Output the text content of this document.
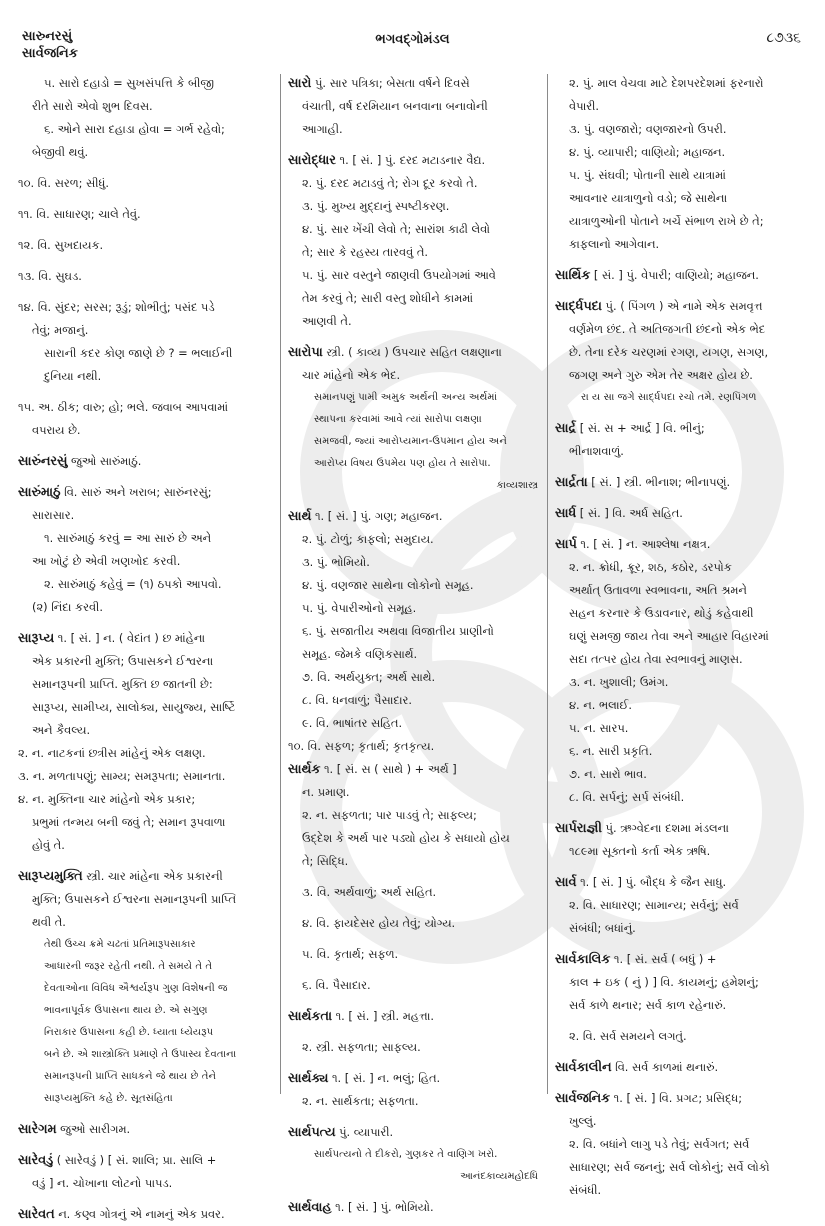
સારુનરસું
સાર્વજનિક
ભગવદ્ગોમંડલ	૮૭૩૬
૫. સારો દહાડો = સુખસંપત્તિ કે બીજી
રીતે સારો એવો શુભ દિવસ.
૬. ઓને સારા દહાડા હોવા = ગર્ભ રહેવો;
બેજીવી થવું.
૧૦. વિ. સરળ; સીધું.
૧૧. વિ. સાધારણ; ચાલે તેવું.
૧૨. વિ. સુખદાયક.
૧૩. વિ. સુઘડ.
૧૪. વિ. સુંદર; સરસ; રૂડું; શોભીતું; પસંદ પડે
તેવું; મજાનું.
સારાની કદર કોણ જાણે છે ? = ભલાઈની
દુનિયા નથી.
૧૫. અ. ઠીક; વારુ; હો; ભલે. જવાબ આપવામાં
વપરાય છે.
સારુંનરસું જુઓ સારુંમાઠું.
સારુંમાઠું વિ. સારું અને ખરાબ; સારુંનરસું;
સારાસાર.
૧. સારુંમાઠું કરવું = આ સારું છે અને
આ ખોટું છે એવી ખણખોદ કરવી.
૨. સારુંમાઠું કહેવું = (૧) ઠપકો આપવો.
(૨) નિંદા કરવી.
સારૂપ્ય ૧. [ સં. ] ન. ( વેદાંત ) છ માંહેના
એક પ્રકારની મુક્તિ; ઉપાસકને ઈશ્વરના
સમાનરૂપની પ્રાપ્તિ. મુક્તિ છ જાતની છે:
સારૂપ્ય, સામીપ્ય, સાલોક્ય, સાયુજ્ય, સાર્ષ્ટિ
અને કૈવલ્ય.
૨. ન. નાટકનાં છત્રીસ માંહેનું એક લક્ષણ.
૩. ન. મળતાપણું; સામ્ય; સમરૂપતા; સમાનતા.
૪. ન. મુક્તિના ચાર માંહેનો એક પ્રકાર;
પ્રભુમાં તન્મય બની જવું તે; સમાન રૂપવાળા
હોવું તે.
સારૂપ્યમુક્તિ સ્ત્રી. ચાર માંહેના એક પ્રકારની
મુક્તિ; ઉપાસકને ઈશ્વરના સમાનરૂપની પ્રાપ્તિ
થવી તે.
તેથી ઉચ્ચ ક્રમે ચઢતાં પ્રતિમારૂપસાકાર
આધારની જરૂર રહેતી નથી. તે સમયે તે તે
દેવતાઓના વિવિધ ઐશ્વર્યરૂપ ગુણ વિશેષની જ
ભાવનાપૂર્વક ઉપાસના થાય છે. એ સગુણ
નિરાકાર ઉપાસના કહી છે. ધ્યાતા ધ્યેયરૂપ
બને છે. એ શાસ્ત્રોક્તિ પ્રમાણે તે ઉપાસ્ય દેવતાના
સમાનરૂપની પ્રાપ્તિ સાધકને જે થાય છે તેને
સારૂપ્યમુક્તિ કહે છે. સૂતસંહિતા
સારેગમ જુઓ સારીગમ.
સારેવડું ( સારેવડું ) [ સં. શાલિ; પ્રા. સાલિ +
વડું ] ન. ચોખાના લોટનો પાપડ.
સારેવત ન. કણ્વ ગોત્રનું એ નામનું એક પ્રવર.
સારો પું. સાર પત્રિકા; બેસતા વર્ષને દિવસે
વંચાતી, વર્ષ દરમિયાન બનવાના બનાવોની
આગાહી.
સારોદ્ધાર ૧. [ સં. ] પું. દરદ મટાડનાર વૈદ્ય.
૨. પું. દરદ મટાડવું તે; રોગ દૂર કરવો તે.
૩. પું. મુખ્ય મુદ્દાનું સ્પષ્ટીકરણ.
૪. પું. સાર ખેંચી લેવો તે; સારાંશ કાઢી લેવો
તે; સાર કે રહસ્ય તારવવું તે.
૫. પું. સાર વસ્તુને જાણવી ઉપયોગમાં આવે
તેમ કરવું તે; સારી વસ્તુ શોધીને કામમાં
આણવી તે.
સારોપા સ્ત્રી. ( કાવ્ય ) ઉપચાર સહિત લક્ષણાના
ચાર માંહેનો એક ભેદ.
સમાનપણું પામી અમુક અર્થની અન્ય અર્થમાં
સ્થાપના કરવામાં આવે ત્યાં સારોપા લક્ષણા
સમજવી, જ્યાં આરોપ્યમાન-ઉપમાન હોય અને
આરોપ્ય વિષય ઉપમેય પણ હોય તે સારોપા.
કાવ્યશાસ્ત્ર
સાર્થ ૧. [ સં. ] પું. ગણ; મહાજન.
૨. પું. ટોળું; કાફલો; સમુદાય.
૩. પું. ભોમિયો.
૪. પું. વણજાર સાથેના લોકોનો સમૂહ.
૫. પું. વેપારીઓનો સમૂહ.
૬. પું. સજાતીય અથવા વિજાતીય પ્રાણીનો
સમૂહ. જેમકે વણિકસાર્થ.
૭. વિ. અર્થયુક્ત; અર્થ સાથે.
૮. વિ. ધનવાળું; પૈસાદાર.
૯. વિ. ભાષાંતર સહિત.
૧૦. વિ. સફળ; કૃતાર્થ; કૃતકૃત્ય.
સાર્થક ૧. [ સં. સ ( સાથે ) + અર્થ ]
ન. પ્રમાણ.
૨. ન. સફળતા; પાર પાડવું તે; સાફલ્ય;
ઉદ્દેશ કે અર્થ પાર પડ્યો હોય કે સધાયો હોય
તે; સિદ્ધિ.
૩. વિ. અર્થવાળું; અર્થ સહિત.
૪. વિ. ફાયદેસર હોય તેવું; યોગ્ય.
૫. વિ. કૃતાર્થ; સફળ.
૬. વિ. પૈસાદાર.
સાર્થકતા ૧. [ સં. ] સ્ત્રી. મહત્તા.
૨. સ્ત્રી. સફળતા; સાફલ્ય.
સાર્થક્ય ૧. [ સં. ] ન. ભલું; હિત.
૨. ન. સાર્થકતા; સફળતા.
સાર્થપત્ય પું. વ્યાપારી.
સાર્થપત્યનો તે દીકરો, ગુણકર તે વાણિગ ખરો.
આનંદકાવ્યમહોદધિ
સાર્થવાહ ૧. [ સં. ] પું. ભોમિયો.
૨. પું. માલ વેચવા માટે દેશપરદેશમાં ફરનારો
વેપારી.
૩. પું. વણજારો; વણજારનો ઉપરી.
૪. પું. વ્યાપારી; વાણિયો; મહાજન.
૫. પું. સંઘવી; પોતાની સાથે યાત્રામાં
આવનાર યાત્રાળુનો વડો; જે સાથેના
યાત્રાળુઓની પોતાને ખર્ચે સંભાળ રાખે છે તે;
કાફલાનો આગેવાન.
સાર્થિક [ સં. ] પું. વેપારી; વાણિયો; મહાજન.
સાર્દ્ધપદા પું. ( પિંગળ ) એ નામે એક સમવૃત્ત
વર્ણમેળ છંદ. તે અતિજગતી છંદનો એક ભેદ
છે. તેના દરેક ચરણમાં રગણ, યગણ, સગણ,
જગણ અને ગુરુ એમ તેર અક્ષર હોય છે.
રા ય સા જગે સાર્દ્ધપદા રચો તમે. રણપિંગળ
સાર્દ્ર [ સં. સ + આર્દ્ર ] વિ. ભીનું;
ભીનાશવાળું.
સાર્દ્રતા [ સં. ] સ્ત્રી. ભીનાશ; ભીનાપણું.
સાર્ધ [ સં. ] વિ. અર્ધ સહિત.
સાર્પ ૧. [ સં. ] ન. આશ્લેષા નક્ષત્ર.
૨. ન. ક્રોધી, ક્રૂર, શઠ, કઠોર, ડરપોક
અર્થાત્ ઉતાવળા સ્વભાવના, અતિ શ્રમને
સહન કરનાર કે ઉડાવનાર, થોડું કહેવાથી
ઘણું સમજી જાય તેવા અને આહાર વિહારમાં
સદા તત્પર હોય તેવા સ્વભાવનું માણસ.
૩. ન. ખુશાલી; ઉમંગ.
૪. ન. ભલાઈ.
૫. ન. સારપ.
૬. ન. સારી પ્રકૃતિ.
૭. ન. સારો ભાવ.
૮. વિ. સર્પનું; સર્પ સંબંધી.
સાર્પરાજ્ઞી પું. ઋગ્વેદના દશમા મંડલના
૧૮૯મા સૂક્તનો કર્તા એક ઋષિ.
સાર્વ ૧. [ સં. ] પું. બૌદ્ધ કે જૈન સાધુ.
૨. વિ. સાધારણ; સામાન્ય; સર્વનું; સર્વ
સંબંધી; બધાંનું.
સાર્વકાલિક ૧. [ સં. સર્વ ( બધું ) +
કાલ + ઇક ( નું ) ] વિ. કાયમનું; હમેશનું;
સર્વ કાળે થનાર; સર્વ કાળ રહેનારું.
૨. વિ. સર્વ સમયને લગતું.
સાર્વકાલીન વિ. સર્વ કાળમાં થનારું.
સાર્વજનિક ૧. [ સં. ] વિ. પ્રગટ; પ્રસિદ્ધ;
ખુલ્લું.
૨. વિ. બધાંને લાગુ પડે તેવું; સર્વગત; સર્વ
સાધારણ; સર્વ જનનું; સર્વ લોકોનું; સર્વે લોકો
સંબંધી.
